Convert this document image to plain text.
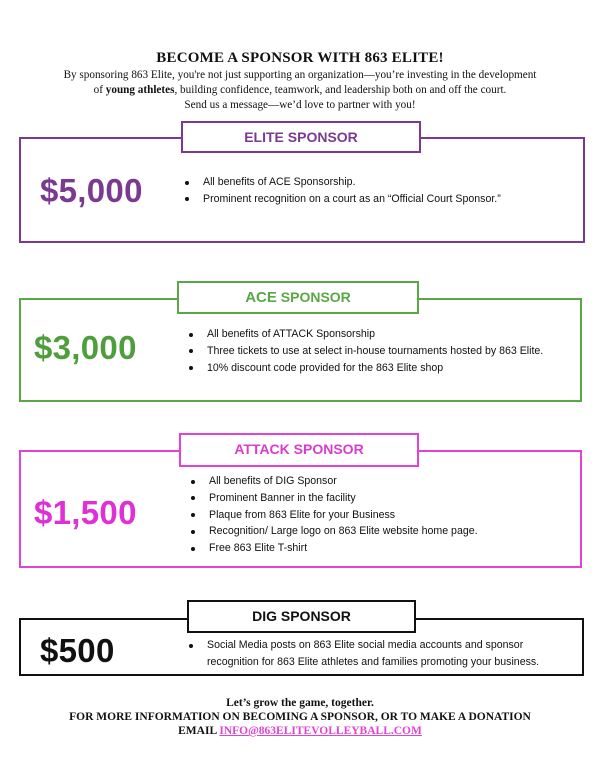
BECOME A SPONSOR WITH 863 ELITE!
By sponsoring 863 Elite, you're not just supporting an organization—you’re investing in the development
of young athletes, building confidence, teamwork, and leadership both on and off the court.
Send us a message—we’d love to partner with you!
ELITE SPONSOR
$5,000	All benefits of ACE Sponsorship.
Prominent recognition on a court as an “Official Court Sponsor.”
ACE SPONSOR
$3,000	All benefits of ATTACK Sponsorship
Three tickets to use at select in-house tournaments hosted by 863 Elite.
10% discount code provided for the 863 Elite shop
ATTACK SPONSOR
$1,500
All benefits of DIG Sponsor
Prominent Banner in the facility
Plaque from 863 Elite for your Business
Recognition/ Large logo on 863 Elite website home page.
Free 863 Elite T-shirt
DIG SPONSOR
$500	Social Media posts on 863 Elite social media accounts and sponsor recognition for 863 Elite athletes and families promoting your business.
Let’s grow the game, together.
FOR MORE INFORMATION ON BECOMING A SPONSOR, OR TO MAKE A DONATION
EMAIL INFO@863ELITEVOLLEYBALL.COM
